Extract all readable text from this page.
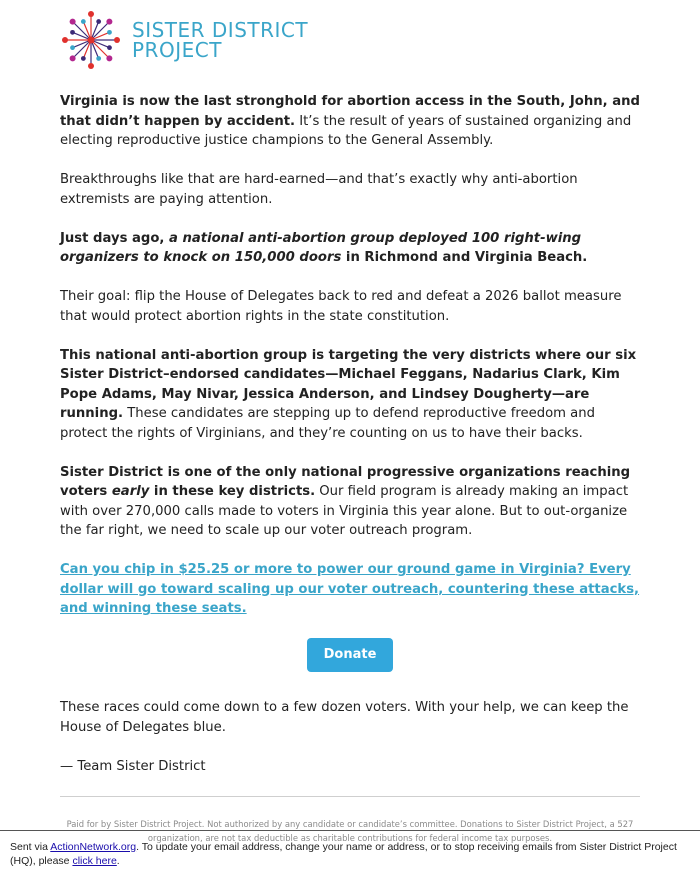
SISTER DISTRICT
PROJECT

Virginia is now the last stronghold for abortion access in the South, John, and that didn’t happen by accident. It’s the result of years of sustained organizing and electing reproductive justice champions to the General Assembly.

Breakthroughs like that are hard-earned—and that’s exactly why anti-abortion extremists are paying attention.

Just days ago, a national anti-abortion group deployed 100 right-wing organizers to knock on 150,000 doors in Richmond and Virginia Beach.

Their goal: flip the House of Delegates back to red and defeat a 2026 ballot measure that would protect abortion rights in the state constitution.

This national anti-abortion group is targeting the very districts where our six Sister District–endorsed candidates—Michael Feggans, Nadarius Clark, Kim Pope Adams, May Nivar, Jessica Anderson, and Lindsey Dougherty—are running. These candidates are stepping up to defend reproductive freedom and protect the rights of Virginians, and they’re counting on us to have their backs.

Sister District is one of the only national progressive organizations reaching voters early in these key districts. Our field program is already making an impact with over 270,000 calls made to voters in Virginia this year alone. But to out-organize the far right, we need to scale up our voter outreach program.

Can you chip in $25.25 or more to power our ground game in Virginia? Every dollar will go toward scaling up our voter outreach, countering these attacks, and winning these seats.

Donate

These races could come down to a few dozen voters. With your help, we can keep the House of Delegates blue.

— Team Sister District

Paid for by Sister District Project. Not authorized by any candidate or candidate’s committee. Donations to Sister District Project, a 527 organization, are not tax deductible as charitable contributions for federal income tax purposes.
Sent via ActionNetwork.org. To update your email address, change your name or address, or to stop receiving emails from Sister District Project (HQ), please click here.
